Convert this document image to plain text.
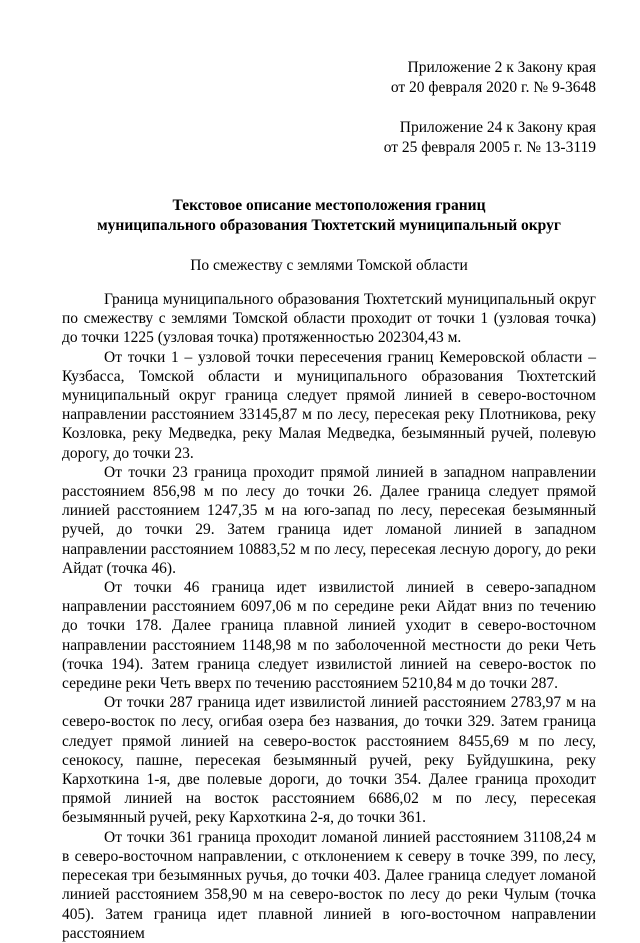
Приложение 2 к Закону края

от 20 февраля 2020 г. № 9-3648

Приложение 24 к Закону края

от 25 февраля 2005 г. № 13-3119

Текстовое описание местоположения границ

муниципального образования Тюхтетский муниципальный округ

По смежеству с землями Томской области

Граница муниципального образования Тюхтетский муниципальный округ по смежеству с землями Томской области проходит от точки 1 (узловая точка) до точки 1225 (узловая точка) протяженностью 202304,43 м.

От точки 1 – узловой точки пересечения границ Кемеровской области – Кузбасса, Томской области и муниципального образования Тюхтетский муниципальный округ граница следует прямой линией в северо-восточном направлении расстоянием 33145,87 м по лесу, пересекая реку Плотникова, реку Козловка, реку Медведка, реку Малая Медведка, безымянный ручей, полевую дорогу, до точки 23.

От точки 23 граница проходит прямой линией в западном направлении расстоянием 856,98 м по лесу до точки 26. Далее граница следует прямой линией расстоянием 1247,35 м на юго-запад по лесу, пересекая безымянный ручей, до точки 29. Затем граница идет ломаной линией в западном направлении расстоянием 10883,52 м по лесу, пересекая лесную дорогу, до реки Айдат (точка 46).

От точки 46 граница идет извилистой линией в северо-западном направлении расстоянием 6097,06 м по середине реки Айдат вниз по течению до точки 178. Далее граница плавной линией уходит в северо-восточном направлении расстоянием 1148,98 м по заболоченной местности до реки Четь (точка 194). Затем граница следует извилистой линией на северо-восток по середине реки Четь вверх по течению расстоянием 5210,84 м до точки 287.

От точки 287 граница идет извилистой линией расстоянием 2783,97 м на северо-восток по лесу, огибая озера без названия, до точки 329. Затем граница следует прямой линией на северо-восток расстоянием 8455,69 м по лесу, сенокосу, пашне, пересекая безымянный ручей, реку Буйдушкина, реку Кархоткина 1-я, две полевые дороги, до точки 354. Далее граница проходит прямой линией на восток расстоянием 6686,02 м по лесу, пересекая безымянный ручей, реку Кархоткина 2-я, до точки 361.

От точки 361 граница проходит ломаной линией расстоянием 31108,24 м в северо-восточном направлении, с отклонением к северу в точке 399, по лесу, пересекая три безымянных ручья, до точки 403. Далее граница следует ломаной линией расстоянием 358,90 м на северо-восток по лесу до реки Чулым (точка 405). Затем граница идет плавной линией в юго-восточном направлении расстоянием
